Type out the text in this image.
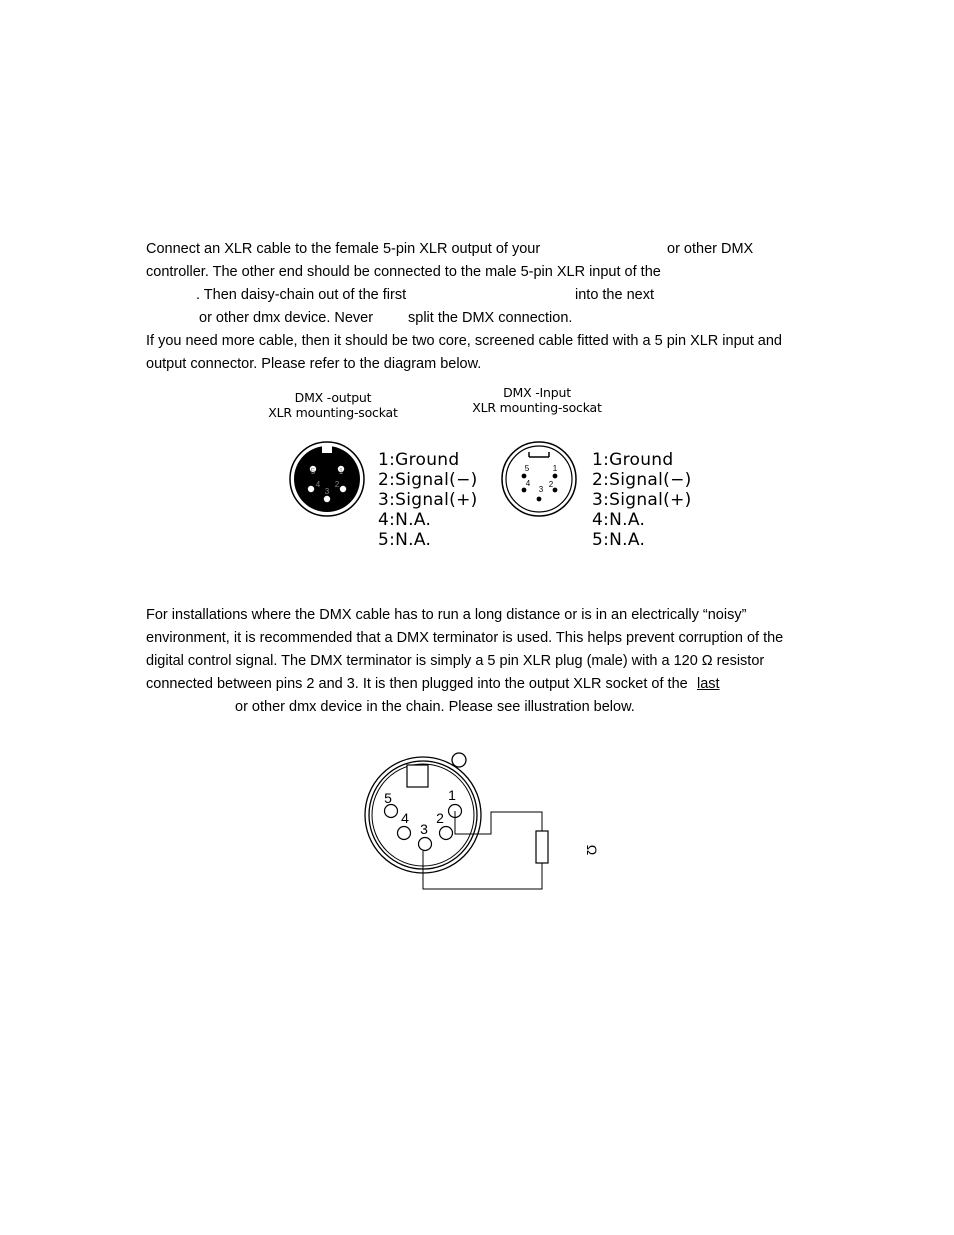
Connect an XLR cable to the female 5-pin XLR output of your	or other DMX
controller. The other end should be connected to the male 5-pin XLR input of the
. Then daisy-chain out of the first	into the next
or other dmx device. Never split the DMX connection.
If you need more cable, then it should be two core, screened cable fitted with a 5 pin XLR input and
output connector. Please refer to the diagram below.
DMX -output
XLR mounting-sockat
DMX -Input
XLR mounting-sockat
5	1
4 2
3
1:Ground
2:Signal(−)
3:Signal(+)
4:N.A.
5:N.A.
5	1
4 2
3
1:Ground
2:Signal(−)
3:Signal(+)
4:N.A.
5:N.A.
For installations where the DMX cable has to run a long distance or is in an electrically “noisy”
environment, it is recommended that a DMX terminator is used. This helps prevent corruption of the
digital control signal. The DMX terminator is simply a 5 pin XLR plug (male) with a 120 Ω resistor
connected between pins 2 and 3. It is then plugged into the output XLR socket of the last
or other dmx device in the chain. Please see illustration below.
5	1
4 2
3
Ω
